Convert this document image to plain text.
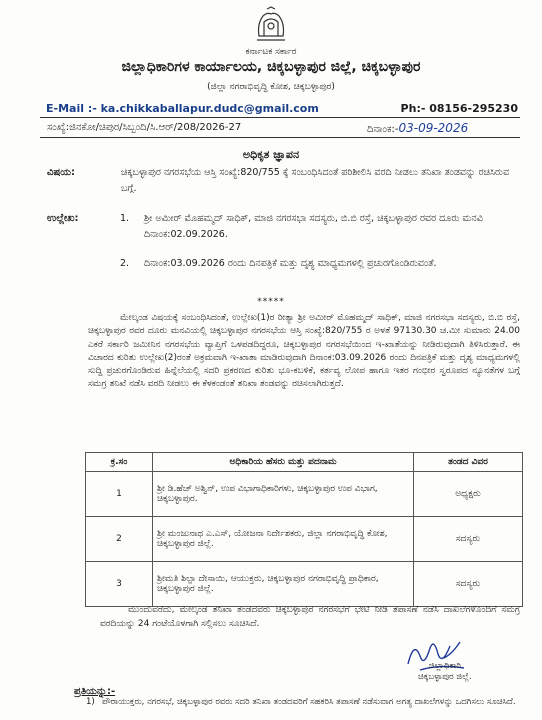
ಕರ್ನಾಟಕ ಸರ್ಕಾರ
ಜಿಲ್ಲಾಧಿಕಾರಿಗಳ ಕಾರ್ಯಾಲಯ, ಚಿಕ್ಕಬಳ್ಳಾಪುರ ಜಿಲ್ಲೆ, ಚಿಕ್ಕಬಳ್ಳಾಪುರ
(ಜಿಲ್ಲಾ ನಗರಾಭಿವೃದ್ಧಿ ಕೋಶ, ಚಿಕ್ಕಬಳ್ಳಾಪುರ)
E-Mail :- ka.chikkaballapur.dudc@gmail.com	Ph:- 08156-295230
ಸಂಖ್ಯೆ:ಜಿನಕೋ/ಚಿಪುರ/ಸಿಬ್ಬಂದಿ/ಸಿ.ಆರ್/208/2026-27	ದಿನಾಂಕ:-03-09-2026
ಅಧಿಕೃತ ಜ್ಞಾಪನ
ವಿಷಯ:	ಚಿಕ್ಕಬಳ್ಳಾಪುರ ನಗರಸಭೆಯ ಆಸ್ತಿ ಸಂಖ್ಯೆ:820/755 ಕ್ಕೆ ಸಂಬಂಧಿಸಿದಂತೆ ಪರಿಶೀಲಿಸಿ ವರದಿ ನೀಡಲು ತನಿಖಾ ತಂಡವನ್ನು ರಚಿಸಿರುವ ಬಗ್ಗೆ.
ಉಲ್ಲೇಖ:	1. ಶ್ರೀ ಅಮೀರ್ ಮೊಹಮ್ಮದ್ ಸಾಧಿಕ್, ಮಾಜಿ ನಗರಸಭಾ ಸದಸ್ಯರು, ಬಿ.ಬಿ ರಸ್ತೆ, ಚಿಕ್ಕಬಳ್ಳಾಪುರ ರವರ ದೂರು ಮನವಿ ದಿನಾಂಕ:02.09.2026.
2. ದಿನಾಂಕ:03.09.2026 ರಂದು ದಿನಪತ್ರಿಕೆ ಮತ್ತು ದೃಶ್ಯ ಮಾಧ್ಯಮಗಳಲ್ಲಿ ಪ್ರಚುರಗೊಂಡಿರುವಂತೆ.
*****
ಮೇಲ್ಕಂಡ ವಿಷಯಕ್ಕೆ ಸಂಬಂಧಿಸಿದಂತೆ, ಉಲ್ಲೇಖ(1)ರ ರೀತ್ಯಾ ಶ್ರೀ ಅಮೀರ್ ಮೊಹಮ್ಮದ್ ಸಾಧಿಕ್, ಮಾಜಿ ನಗರಸಭಾ ಸದಸ್ಯರು, ಬಿ.ಬಿ ರಸ್ತೆ, ಚಿಕ್ಕಬಳ್ಳಾಪುರ ರವರ ದೂರು ಮನವಿಯಲ್ಲಿ ಚಿಕ್ಕಬಳ್ಳಾಪುರ ನಗರಸಭೆಯ ಆಸ್ತಿ ಸಂಖ್ಯೆ:820/755 ರ ಅಳತೆ 97130.30 ಚ.ಮೀ ಸುಮಾರು 24.00 ಎಕರೆ ಸರ್ಕಾರಿ ಜಮೀನಿನ ನಗರಸಭೆಯ ವ್ಯಾಪ್ತಿಗೆ ಒಳಪಡದಿದ್ದರೂ, ಚಿಕ್ಕಬಳ್ಳಾಪುರ ನಗರಸಭೆಯಿಂದ ಇ-ಖಾತೆಯನ್ನು ನೀಡಿರುವುದಾಗಿ ತಿಳಿಸಿರುತ್ತಾರೆ. ಈ ವಿಚಾರದ ಕುರಿತು ಉಲ್ಲೇಖ(2)ರಂತೆ ಅಕ್ರಮವಾಗಿ ಇ-ಖಾತಾ ಮಾಡಿರುವುದಾಗಿ ದಿನಾಂಕ:03.09.2026 ರಂದು ದಿನಪತ್ರಿಕೆ ಮತ್ತು ದೃಶ್ಯ ಮಾಧ್ಯಮಗಳಲ್ಲಿ ಸುದ್ದಿ ಪ್ರಚುರಗೊಂಡಿರುವ ಹಿನ್ನೆಲೆಯಲ್ಲಿ ಸದರಿ ಪ್ರಕರಣದ ಕುರಿತು ಭೂ-ಕಬಳಿಕೆ, ಕರ್ತವ್ಯ ಲೋಪ ಹಾಗೂ ಇತರ ಗಂಭೀರ ಸ್ವರೂಪದ ನ್ಯೂನತೆಗಳ ಬಗ್ಗೆ ಸಮಗ್ರ ತನಿಖೆ ನಡೆಸಿ ವರದಿ ನೀಡಲು ಈ ಕೆಳಕಂಡಂತೆ ತನಿಖಾ ತಂಡವನ್ನು ರಚಿಸಲಾಗಿರುತ್ತದೆ.
ಕ್ರ.ಸಂ	ಅಧಿಕಾರಿಯ ಹೆಸರು ಮತ್ತು ಪದನಾಮ	ತಂಡದ ವಿವರ
1	ಶ್ರೀ ಡಿ.ಹೆಚ್ ಅಶ್ವಿನ್, ಉಪ ವಿಭಾಗಾಧಿಕಾರಿಗಳು, ಚಿಕ್ಕಬಳ್ಳಾಪುರ ಉಪ ವಿಭಾಗ, ಚಿಕ್ಕಬಳ್ಳಾಪುರ.	ಅಧ್ಯಕ್ಷರು
2	ಶ್ರೀ ಮಂಜುನಾಥ ಎ.ಎಸ್, ಯೋಜನಾ ನಿರ್ದೇಶಕರು, ಜಿಲ್ಲಾ ನಗರಾಭಿವೃದ್ಧಿ ಕೋಶ, ಚಿಕ್ಕಬಳ್ಳಾಪುರ ಜಿಲ್ಲೆ.	ಸದಸ್ಯರು
3	ಶ್ರೀಮತಿ ಶಿಲ್ಪಾ ದೇಸಾಯಿ, ಆಯುಕ್ತರು, ಚಿಕ್ಕಬಳ್ಳಾಪುರ ನಗರಾಭಿವೃದ್ಧಿ ಪ್ರಾಧಿಕಾರ, ಚಿಕ್ಕಬಳ್ಳಾಪುರ ಜಿಲ್ಲೆ.	ಸದಸ್ಯರು
ಮುಂದುವರೆದು, ಮೇಲ್ಕಂಡ ತನಿಖಾ ತಂಡದವರು ಚಿಕ್ಕಬಳ್ಳಾಪುರ ನಗರಸಭೆಗೆ ಭೇಟಿ ನೀಡಿ ತಪಾಸಣೆ ನಡೆಸಿ ದಾಖಲೆಗಳೊಂದಿಗೆ ಸಮಗ್ರ ವರದಿಯನ್ನು 24 ಗಂಟೆಯೊಳಗಾಗಿ ಸಲ್ಲಿಸಲು ಸೂಚಿಸಿದೆ.
ಜಿಲ್ಲಾಧಿಕಾರಿ
ಚಿಕ್ಕಬಳ್ಳಾಪುರ ಜಿಲ್ಲೆ.
ಪ್ರತಿಯನ್ನು:-
1) ಪೌರಾಯುಕ್ತರು, ನಗರಸಭೆ, ಚಿಕ್ಕಬಳ್ಳಾಪುರ ರವರು ಸದರಿ ತನಿಖಾ ತಂಡದವರಿಗೆ ಸಹಕರಿಸಿ ತಪಾಸಣೆ ನಡೆಸುವಾಗ ಅಗತ್ಯ ದಾಖಲೆಗಳನ್ನು ಒದಗಿಸಲು ಸೂಚಿಸಿದೆ.
